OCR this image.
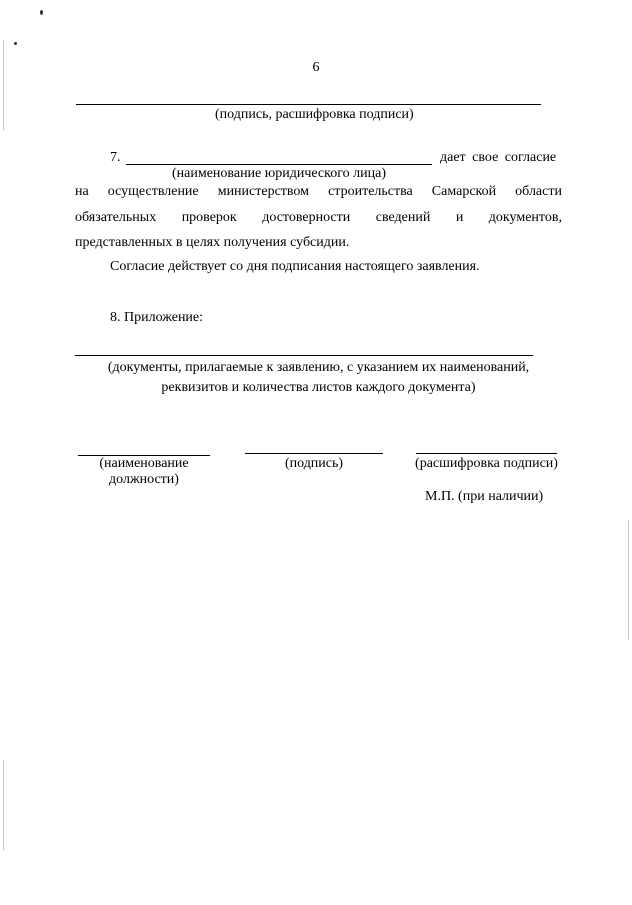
6
(подпись, расшифровка подписи)
7.	дает свое согласие
(наименование юридического лица)
на осуществление министерством строительства Самарской области
обязательных проверок достоверности сведений и документов,
представленных в целях получения субсидии.
Согласие действует со дня подписания настоящего заявления.
8. Приложение:
(документы, прилагаемые к заявлению, с указанием их наименований,
реквизитов и количества листов каждого документа)
(наименование
должности)
(подпись)	(расшифровка подписи)
М.П. (при наличии)
